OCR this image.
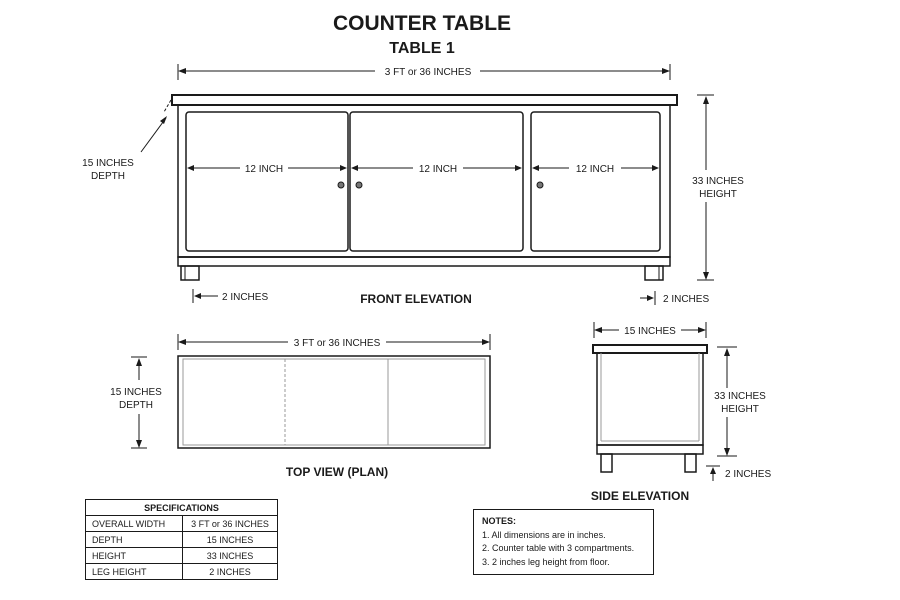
COUNTER TABLE
TABLE 1
3 FT or 36 INCHES
12 INCH	12 INCH	12 INCH
2 INCHES	2 INCHES
15 INCHES
DEPTH	33 INCHES
HEIGHT
FRONT ELEVATION
3 FT or 36 INCHES
15 INCHES
DEPTH
TOP VIEW (PLAN)
15 INCHES
33 INCHES
HEIGHT
2 INCHES
SIDE ELEVATION
SPECIFICATIONS	
OVERALL WIDTH	3 FT or 36 INCHES
DEPTH	15 INCHES
HEIGHT	33 INCHES
LEG HEIGHT	2 INCHES
NOTES:
1. All dimensions are in inches.
2. Counter table with 3 compartments.
3. 2 inches leg height from floor.
